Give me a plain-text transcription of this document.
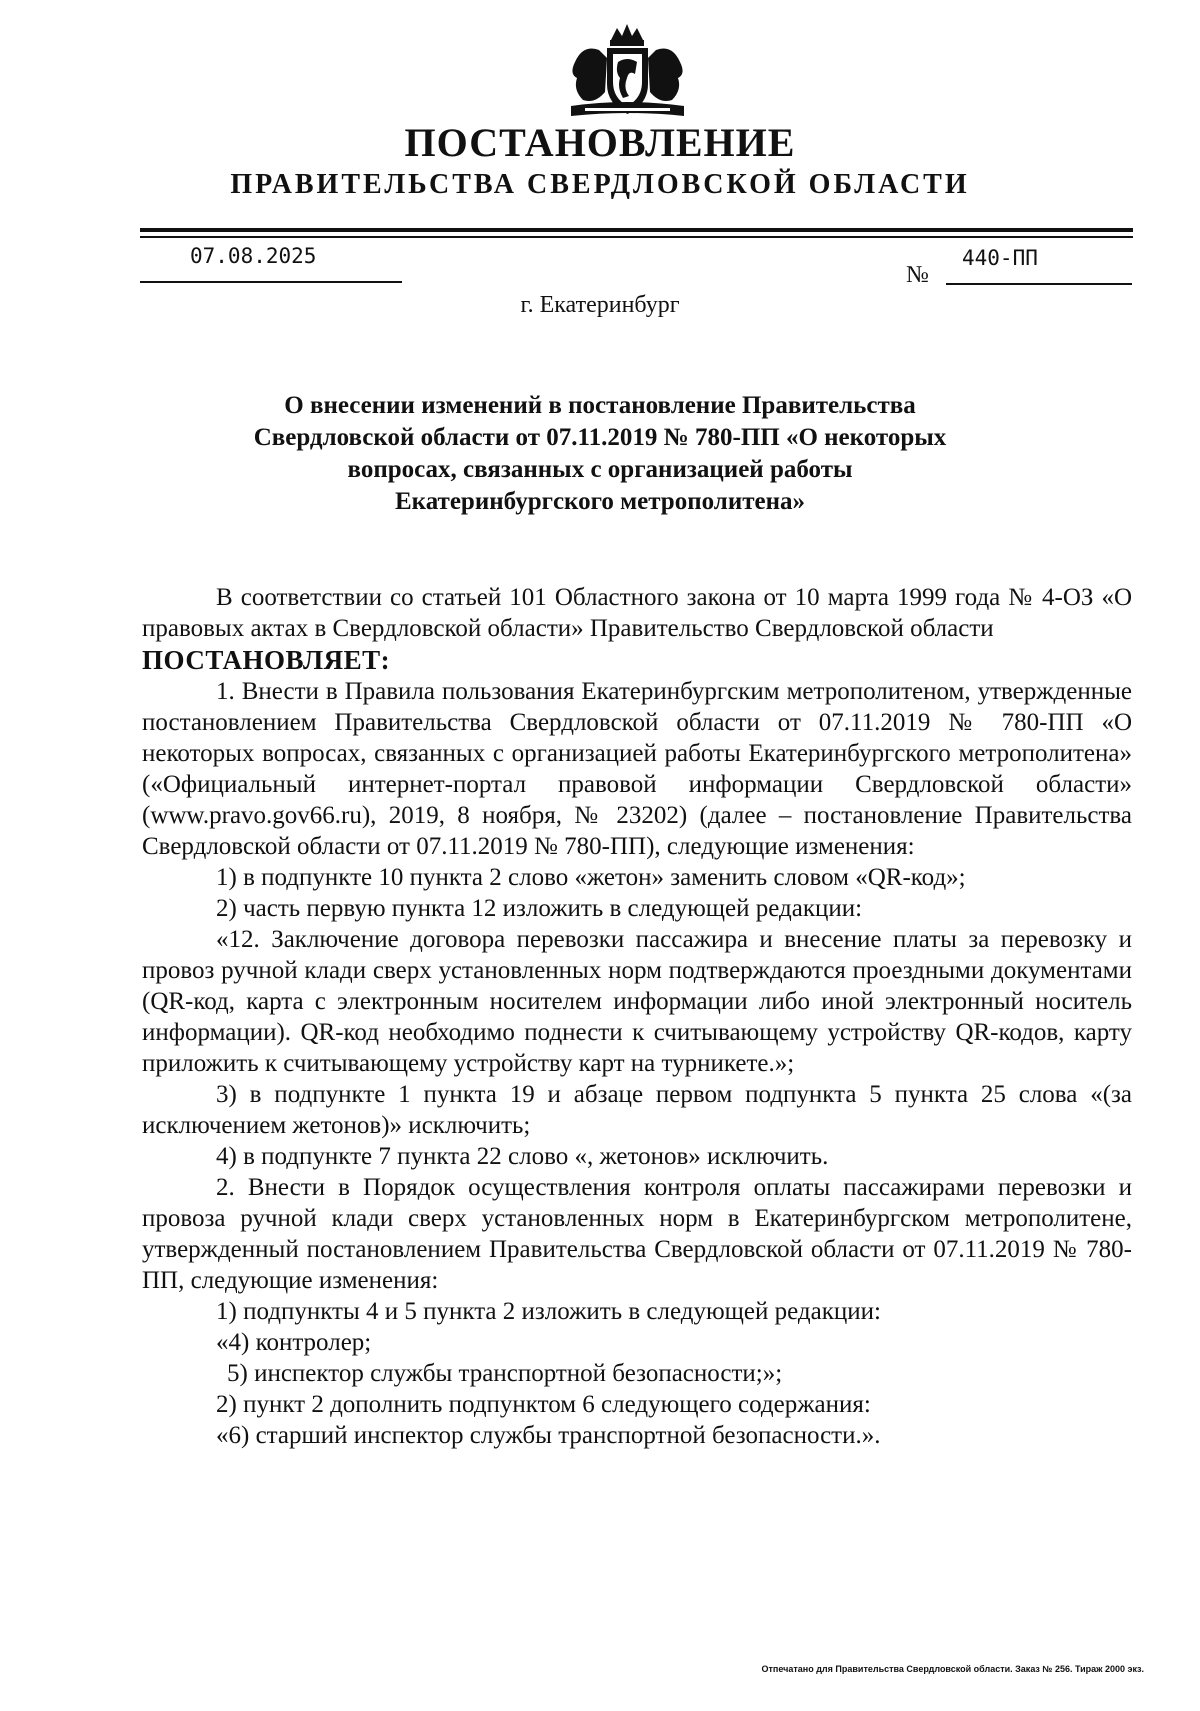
ПОСТАНОВЛЕНИЕ
ПРАВИТЕЛЬСТВА СВЕРДЛОВСКОЙ ОБЛАСТИ
07.08.2025
№
440-ПП
г. Екатеринбург
О внесении изменений в постановление Правительства
Свердловской области от 07.11.2019 № 780-ПП «О некоторых
вопросах, связанных с организацией работы
Екатеринбургского метрополитена»

В соответствии со статьей 101 Областного закона от 10 марта 1999 года № 4-ОЗ «О правовых актах в Свердловской области» Правительство Свердловской области

ПОСТАНОВЛЯЕТ:

1. Внести в Правила пользования Екатеринбургским метрополитеном, утвержденные постановлением Правительства Свердловской области от 07.11.2019 № 780-ПП «О некоторых вопросах, связанных с организацией работы Екатеринбургского метрополитена» («Официальный интернет-портал правовой информации Свердловской области» (www.pravo.gov66.ru), 2019, 8 ноября, № 23202) (далее – постановление Правительства Свердловской области от 07.11.2019 № 780-ПП), следующие изменения:

1) в подпункте 10 пункта 2 слово «жетон» заменить словом «QR-код»;

2) часть первую пункта 12 изложить в следующей редакции:

«12. Заключение договора перевозки пассажира и внесение платы за перевозку и провоз ручной клади сверх установленных норм подтверждаются проездными документами (QR-код, карта с электронным носителем информации либо иной электронный носитель информации). QR-код необходимо поднести к считывающему устройству QR-кодов, карту приложить к считывающему устройству карт на турникете.»;

3) в подпункте 1 пункта 19 и абзаце первом подпункта 5 пункта 25 слова «(за исключением жетонов)» исключить;

4) в подпункте 7 пункта 22 слово «, жетонов» исключить.

2. Внести в Порядок осуществления контроля оплаты пассажирами перевозки и провоза ручной клади сверх установленных норм в Екатеринбургском метрополитене, утвержденный постановлением Правительства Свердловской области от 07.11.2019 № 780-ПП, следующие изменения:

1) подпункты 4 и 5 пункта 2 изложить в следующей редакции:

«4) контролер;

5) инспектор службы транспортной безопасности;»;

2) пункт 2 дополнить подпунктом 6 следующего содержания:

«6) старший инспектор службы транспортной безопасности.».

Отпечатано для Правительства Свердловской области. Заказ № 256. Тираж 2000 экз.
